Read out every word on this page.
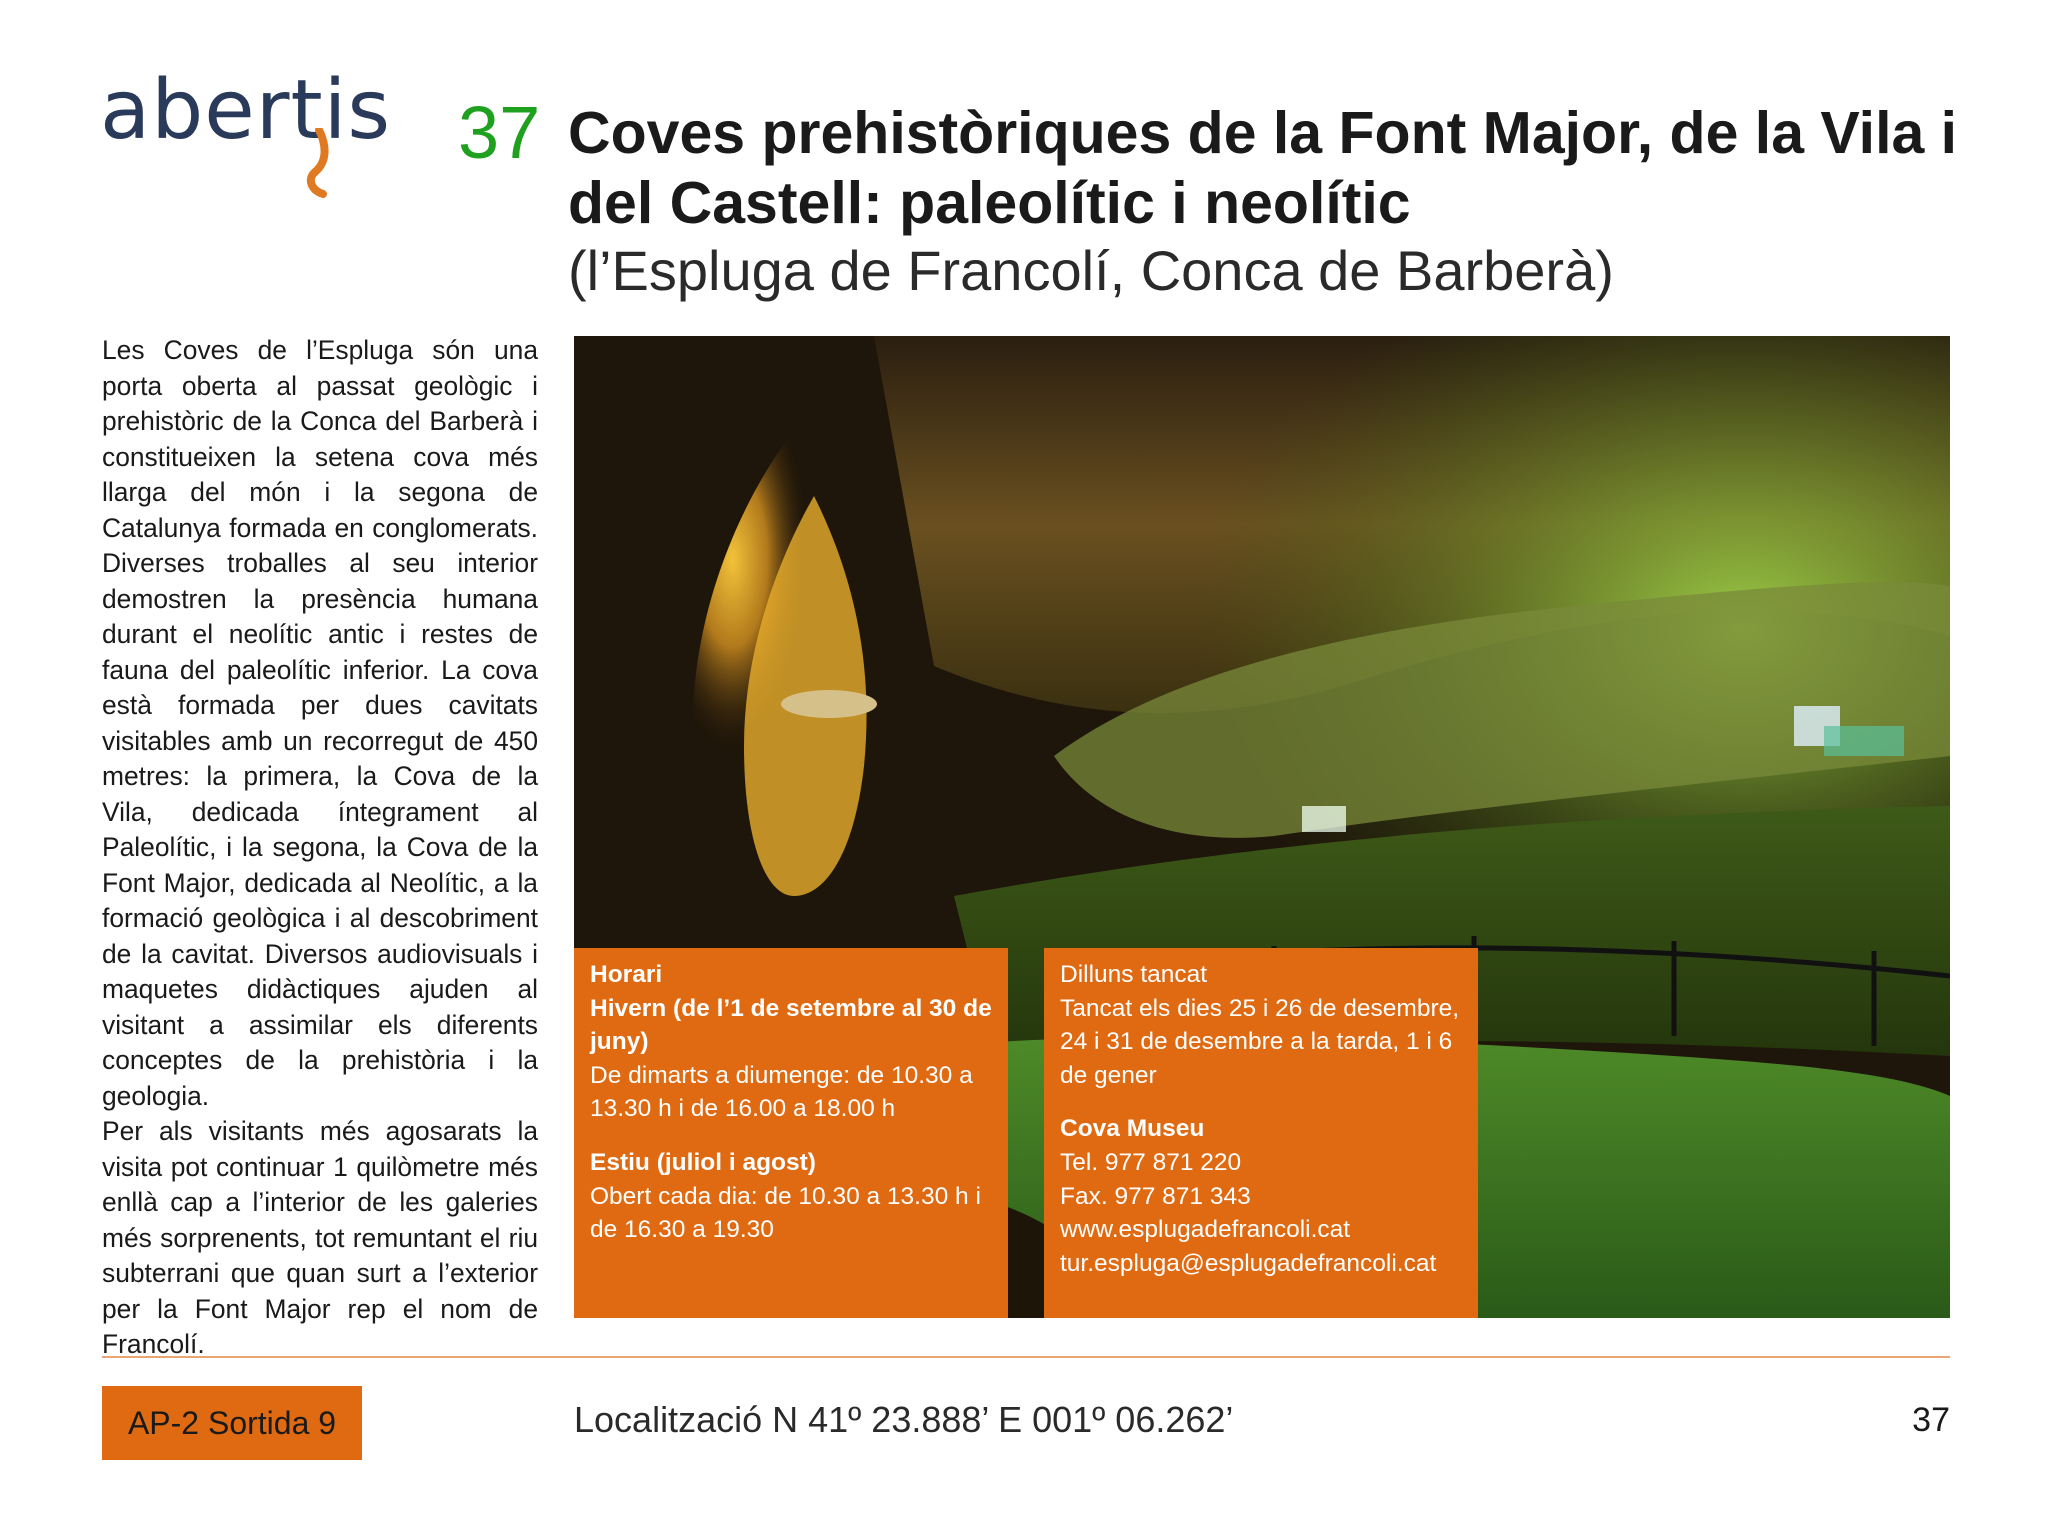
abertis 37 Coves prehistòriques de la Font Major, de la Vila i del Castell: paleolític i neolític

(l’Espluga de Francolí, Conca de Barberà)

Les Coves de l’Espluga són una porta oberta al passat geològic i prehistòric de la Conca del Barberà i constitueixen la setena cova més llarga del món i la segona de Catalunya formada en conglomerats. Diverses troballes al seu interior demostren la presència humana durant el neolític antic i restes de fauna del paleolític inferior. La cova està formada per dues cavitats visitables amb un recorregut de 450 metres: la primera, la Cova de la Vila, dedicada íntegrament al Paleolític, i la segona, la Cova de la Font Major, dedicada al Neolític, a la formació geològica i al descobriment de la cavitat. Diversos audiovisuals i maquetes didàctiques ajuden al visitant a assimilar els diferents conceptes de la prehistòria i la geologia.

Per als visitants més agosarats la visita pot continuar 1 quilòmetre més enllà cap a l’interior de les galeries més sorprenents, tot remuntant el riu subterrani que quan surt a l’exterior per la Font Major rep el nom de Francolí.

Horari

Hivern (de l’1 de setembre al 30 de juny)

De dimarts a diumenge: de 10.30 a 13.30 h i de 16.00 a 18.00 h

Estiu (juliol i agost)

Obert cada dia: de 10.30 a 13.30 h i de 16.30 a 19.30

Dilluns tancat

Tancat els dies 25 i 26 de desembre, 24 i 31 de desembre a la tarda, 1 i 6 de gener

Cova Museu

Tel. 977 871 220

Fax. 977 871 343

www.esplugadefrancoli.cat

tur.espluga@esplugadefrancoli.cat

AP-2 Sortida 9	Localització N 41º 23.888’ E 001º 06.262’	37
